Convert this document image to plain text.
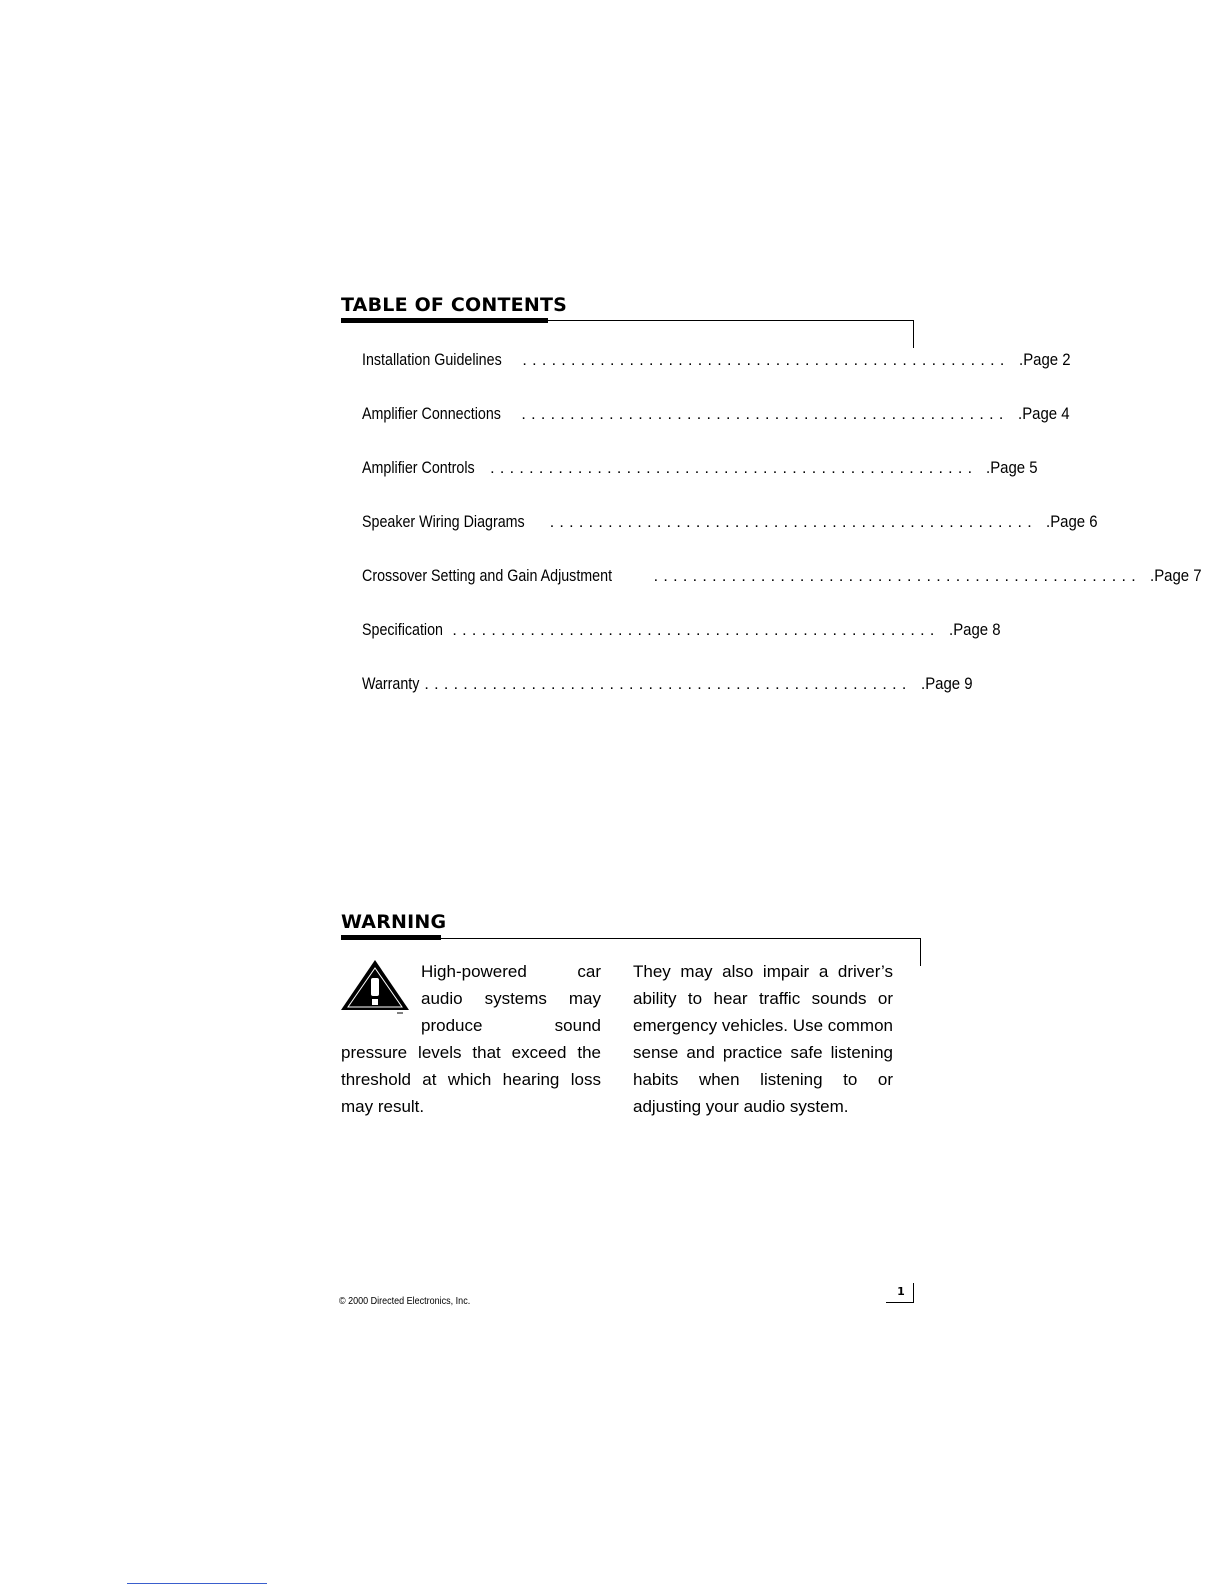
TABLE OF CONTENTS
Installation Guidelines .................................................. .Page 2
Amplifier Connections .................................................. .Page 4
Amplifier Controls .................................................. .Page 5
Speaker Wiring Diagrams .................................................. .Page 6
Crossover Setting and Gain Adjustment	.................................................. .Page 7
Specification .................................................. .Page 8
Warranty .................................................. .Page 9
WARNING
High-powered car audio systems may produce sound pressure levels that exceed the threshold at which hearing loss may result.
They may also impair a driver’s ability to hear traffic sounds or emergency vehicles. Use common sense and practice safe listening habits when listening to or adjusting your audio system.
© 2000 Directed Electronics, Inc.
1
